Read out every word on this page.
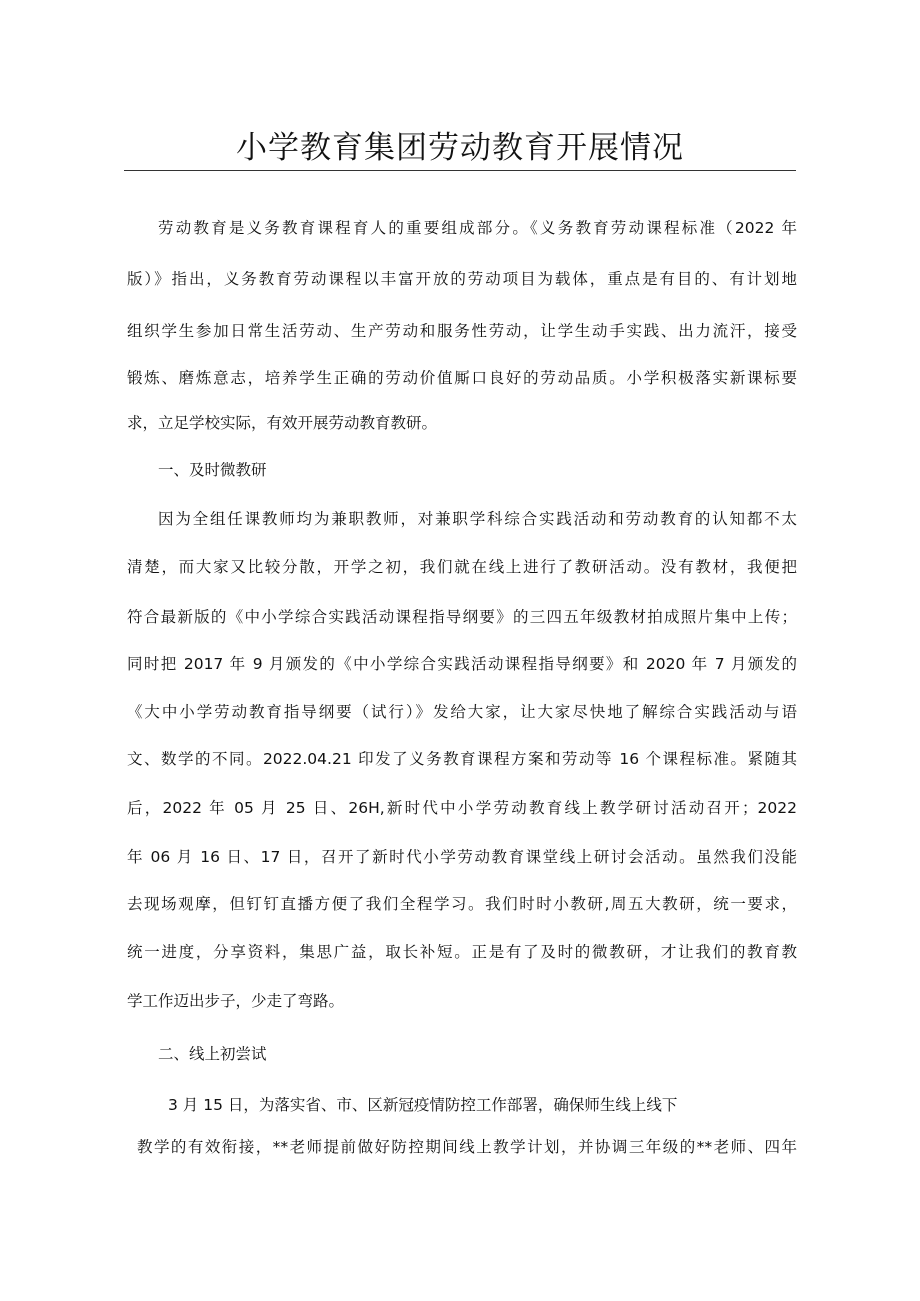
小学教育集团劳动教育开展情况

劳动教育是义务教育课程育人的重要组成部分。《义务教育劳动课程标准（2022 年

版）》指出，义务教育劳动课程以丰富开放的劳动项目为载体，重点是有目的、有计划地

组织学生参加日常生活劳动、生产劳动和服务性劳动，让学生动手实践、出力流汗，接受

锻炼、磨炼意志，培养学生正确的劳动价值厮口良好的劳动品质。小学积极落实新课标要

求，立足学校实际，有效开展劳动教育教研。

一、及时微教研

因为全组任课教师均为兼职教师，对兼职学科综合实践活动和劳动教育的认知都不太

清楚，而大家又比较分散，开学之初，我们就在线上进行了教研活动。没有教材，我便把

符合最新版的《中小学综合实践活动课程指导纲要》的三四五年级教材拍成照片集中上传；

同时把 2017 年 9 月颁发的《中小学综合实践活动课程指导纲要》和 2020 年 7 月颁发的

《大中小学劳动教育指导纲要（试行）》发给大家，让大家尽快地了解综合实践活动与语

文、数学的不同。2022.04.21 印发了义务教育课程方案和劳动等 16 个课程标准。紧随其

后，2022 年 05 月 25 日、26H,新时代中小学劳动教育线上教学研讨活动召开；2022

年 06 月 16 日、17 日，召开了新时代小学劳动教育课堂线上研讨会活动。虽然我们没能

去现场观摩，但钉钉直播方便了我们全程学习。我们时时小教研,周五大教研，统一要求，

统一进度，分享资料，集思广益，取长补短。正是有了及时的微教研，才让我们的教育教

学工作迈出步子，少走了弯路。

二、线上初尝试

3 月 15 日，为落实省、市、区新冠疫情防控工作部署，确保师生线上线下

教学的有效衔接，**老师提前做好防控期间线上教学计划，并协调三年级的**老师、四年
